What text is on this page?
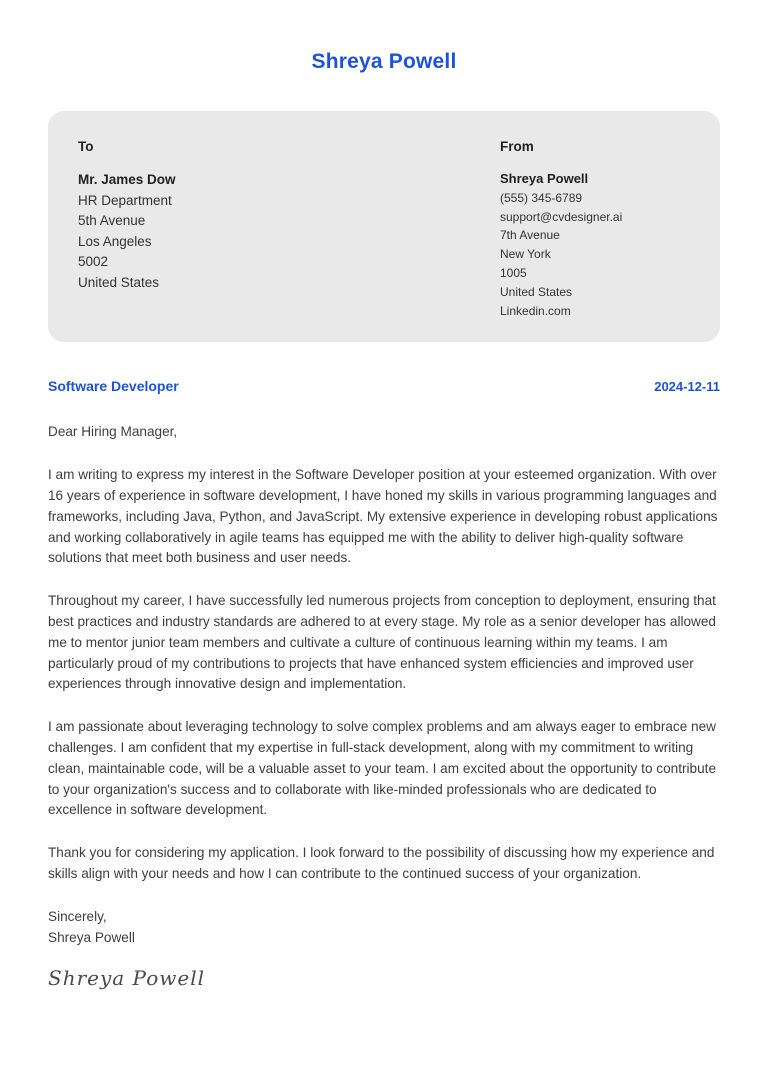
Shreya Powell
To
Mr. James Dow
HR Department
5th Avenue
Los Angeles
5002
United States
From
Shreya Powell
(555) 345-6789
support@cvdesigner.ai
7th Avenue
New York
1005
United States
Linkedin.com
Software Developer	2024-12-11

Dear Hiring Manager,

I am writing to express my interest in the Software Developer position at your esteemed organization. With over 16 years of experience in software development, I have honed my skills in various programming languages and frameworks, including Java, Python, and JavaScript. My extensive experience in developing robust applications and working collaboratively in agile teams has equipped me with the ability to deliver high-quality software solutions that meet both business and user needs.

Throughout my career, I have successfully led numerous projects from conception to deployment, ensuring that best practices and industry standards are adhered to at every stage. My role as a senior developer has allowed me to mentor junior team members and cultivate a culture of continuous learning within my teams. I am particularly proud of my contributions to projects that have enhanced system efficiencies and improved user experiences through innovative design and implementation.

I am passionate about leveraging technology to solve complex problems and am always eager to embrace new challenges. I am confident that my expertise in full-stack development, along with my commitment to writing clean, maintainable code, will be a valuable asset to your team. I am excited about the opportunity to contribute to your organization's success and to collaborate with like-minded professionals who are dedicated to excellence in software development.

Thank you for considering my application. I look forward to the possibility of discussing how my experience and skills align with your needs and how I can contribute to the continued success of your organization.

Sincerely,
Shreya Powell
Shreya Powell
